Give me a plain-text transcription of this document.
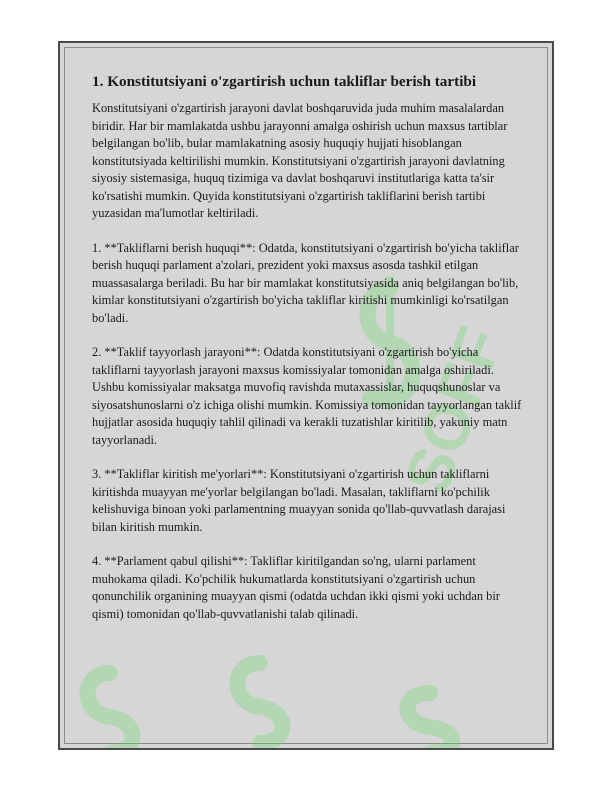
SOFF
1. Konstitutsiyani o'zgartirish uchun takliflar berish tartibi

Konstitutsiyani o'zgartirish jarayoni davlat boshqaruvida juda muhim masalalardan biridir. Har bir mamlakatda ushbu jarayonni amalga oshirish uchun maxsus tartiblar belgilangan bo'lib, bular mamlakatning asosiy huquqiy hujjati hisoblangan konstitutsiyada keltirilishi mumkin. Konstitutsiyani o'zgartirish jarayoni davlatning siyosiy sistemasiga, huquq tizimiga va davlat boshqaruvi institutlariga katta ta'sir ko'rsatishi mumkin. Quyida konstitutsiyani o'zgartirish takliflarini berish tartibi yuzasidan ma'lumotlar keltiriladi.

1. **Takliflarni berish huquqi**: Odatda, konstitutsiyani o'zgartirish bo'yicha takliflar berish huquqi parlament a'zolari, prezident yoki maxsus asosda tashkil etilgan muassasalarga beriladi. Bu har bir mamlakat konstitutsiyasida aniq belgilangan bo'lib, kimlar konstitutsiyani o'zgartirish bo'yicha takliflar kiritishi mumkinligi ko'rsatilgan bo'ladi.

2. **Taklif tayyorlash jarayoni**: Odatda konstitutsiyani o'zgartirish bo'yicha takliflarni tayyorlash jarayoni maxsus komissiyalar tomonidan amalga oshiriladi. Ushbu komissiyalar maksatga muvofiq ravishda mutaxassislar, huquqshunoslar va siyosatshunoslarni o'z ichiga olishi mumkin. Komissiya tomonidan tayyorlangan taklif hujjatlar asosida huquqiy tahlil qilinadi va kerakli tuzatishlar kiritilib, yakuniy matn tayyorlanadi.

3. **Takliflar kiritish me'yorlari**: Konstitutsiyani o'zgartirish uchun takliflarni kiritishda muayyan me'yorlar belgilangan bo'ladi. Masalan, takliflarni ko'pchilik kelishuviga binoan yoki parlamentning muayyan sonida qo'llab-quvvatlash darajasi bilan kiritish mumkin.

4. **Parlament qabul qilishi**: Takliflar kiritilgandan so'ng, ularni parlament muhokama qiladi. Ko'pchilik hukumatlarda konstitutsiyani o'zgartirish uchun qonunchilik organining muayyan qismi (odatda uchdan ikki qismi yoki uchdan bir qismi) tomonidan qo'llab-quvvatlanishi talab qilinadi.
